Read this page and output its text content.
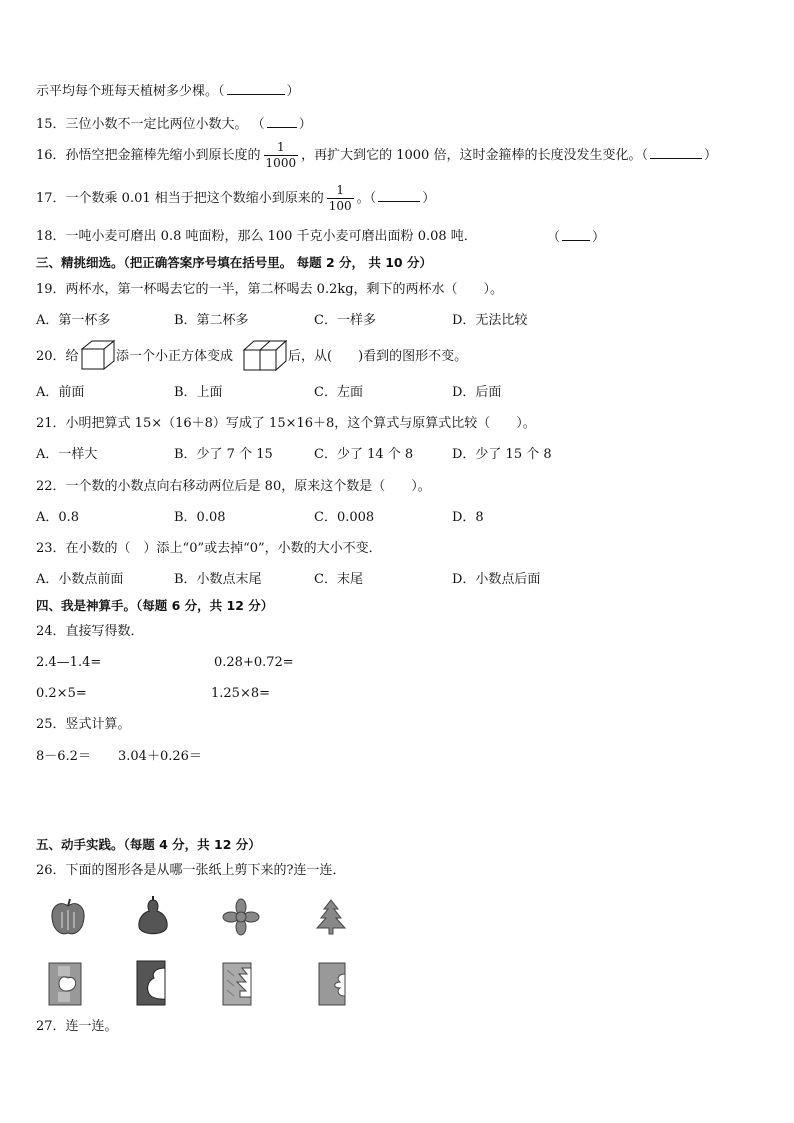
示平均每个班每天植树多少棵。（	）
15．三位小数不一定比两位小数大。 （	）
16．孙悟空把金箍棒先缩小到原长度的 $\frac{1}{1000}$ ，再扩大到它的 1000 倍，这时金箍棒的长度没发生变化。（	）
17．一个数乘 0.01 相当于把这个数缩小到原来的 $\frac{1}{100}$ 。（	）
18．一吨小麦可磨出 0.8 吨面粉，那么 100 千克小麦可磨出面粉 0.08 吨．	（ ）
三、精挑细选。（把正确答案序号填在括号里。 每题 2 分， 共 10 分）
19．两杯水，第一杯喝去它的一半，第二杯喝去 0.2kg，剩下的两杯水（　　）。
A．第一杯多	B．第二杯多	C．一样多	D．无法比较
20．给	添一个小正方体变成	后，从(　　)看到的图形不变。
A．前面	B．上面	C．左面	D．后面
21．小明把算式 15×（16＋8）写成了 15×16＋8，这个算式与原算式比较（　　）。
A．一样大	B．少了 7 个 15	C．少了 14 个 8	D．少了 15 个 8
22．一个数的小数点向右移动两位后是 80，原来这个数是（　　）。
A．0.8	B．0.08	C．0.008	D．8
23．在小数的（　）添上“0”或去掉“0”，小数的大小不变．
A．小数点前面	B．小数点末尾	C．末尾	D．小数点后面
四、我是神算手。（每题 6 分，共 12 分）
24．直接写得数．
2.4—1.4=	0.28+0.72=
0.2×5=	1.25×8=
25．竖式计算。
8－6.2＝ 3.04＋0.26＝
五、动手实践。（每题 4 分，共 12 分）
26．下面的图形各是从哪一张纸上剪下来的?连一连．
27．连一连。
